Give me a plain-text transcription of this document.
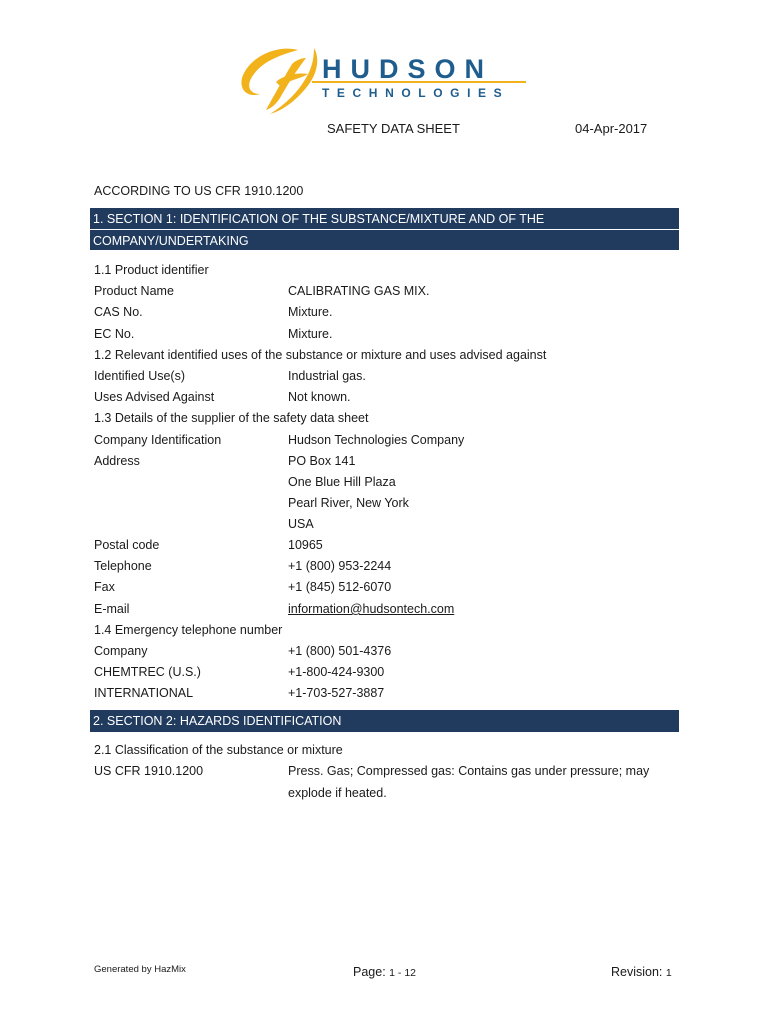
HUDSON
TECHNOLOGIES
SAFETY DATA SHEET	04-Apr-2017
ACCORDING TO US CFR 1910.1200
1. SECTION 1: IDENTIFICATION OF THE SUBSTANCE/MIXTURE AND OF THE
COMPANY/UNDERTAKING
1.1 Product identifier
Product Name	CALIBRATING GAS MIX.
CAS No.	Mixture.
EC No.	Mixture.
1.2 Relevant identified uses of the substance or mixture and uses advised against
Identified Use(s)	Industrial gas.
Uses Advised Against	Not known.
1.3 Details of the supplier of the safety data sheet
Company Identification	Hudson Technologies Company
Address	PO Box 141
One Blue Hill Plaza
Pearl River, New York
USA
Postal code	10965
Telephone	+1 (800) 953-2244
Fax	+1 (845) 512-6070
E-mail	information@hudsontech.com
1.4 Emergency telephone number
Company	+1 (800) 501-4376
CHEMTREC (U.S.)	+1-800-424-9300
INTERNATIONAL	+1-703-527-3887
2. SECTION 2: HAZARDS IDENTIFICATION
2.1 Classification of the substance or mixture
US CFR 1910.1200	Press. Gas; Compressed gas: Contains gas under pressure; may
explode if heated.
Generated by HazMix	Page: 1 - 12	Revision: 1
